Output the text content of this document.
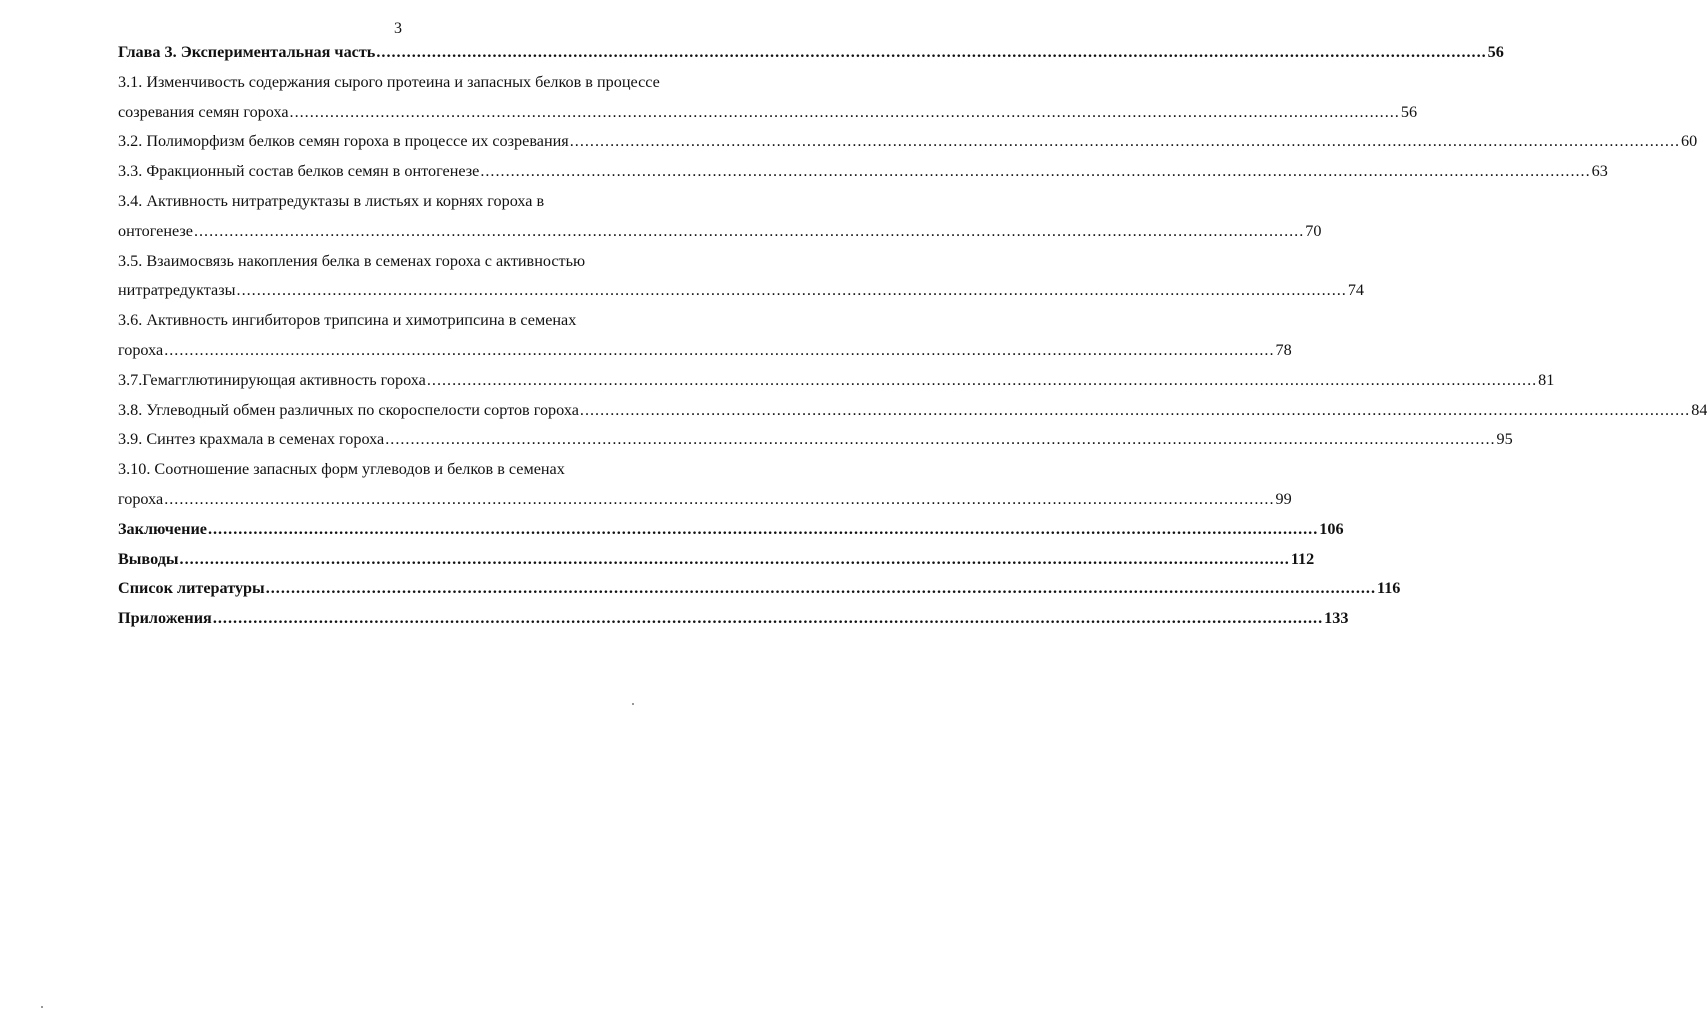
3
Глава 3. Экспериментальная часть ............................................................................................................................................................................................................................ 56
3.1. Изменчивость содержания сырого протеина и запасных белков в процессе
созревания семян гороха ............................................................................................................................................................................................................................ 56
3.2. Полиморфизм белков семян гороха в процессе их созревания ............................................................................................................................................................................................................................ 60
3.3. Фракционный состав белков семян в онтогенезе ............................................................................................................................................................................................................................ 63
3.4. Активность нитратредуктазы в листьях и корнях гороха в
онтогенезе ............................................................................................................................................................................................................................ 70
3.5. Взаимосвязь накопления белка в семенах гороха с активностью
нитратредуктазы ............................................................................................................................................................................................................................ 74
3.6. Активность ингибиторов трипсина и химотрипсина в семенах
гороха ............................................................................................................................................................................................................................ 78
3.7.Гемагглютинирующая активность гороха ............................................................................................................................................................................................................................ 81
3.8. Углеводный обмен различных по скороспелости сортов гороха ............................................................................................................................................................................................................................ 84
3.9. Синтез крахмала в семенах гороха ............................................................................................................................................................................................................................ 95
3.10. Соотношение запасных форм углеводов и белков в семенах
гороха ............................................................................................................................................................................................................................ 99
Заключение ............................................................................................................................................................................................................................ 106
Выводы ............................................................................................................................................................................................................................ 112
Список литературы ............................................................................................................................................................................................................................ 116
Приложения ............................................................................................................................................................................................................................ 133
